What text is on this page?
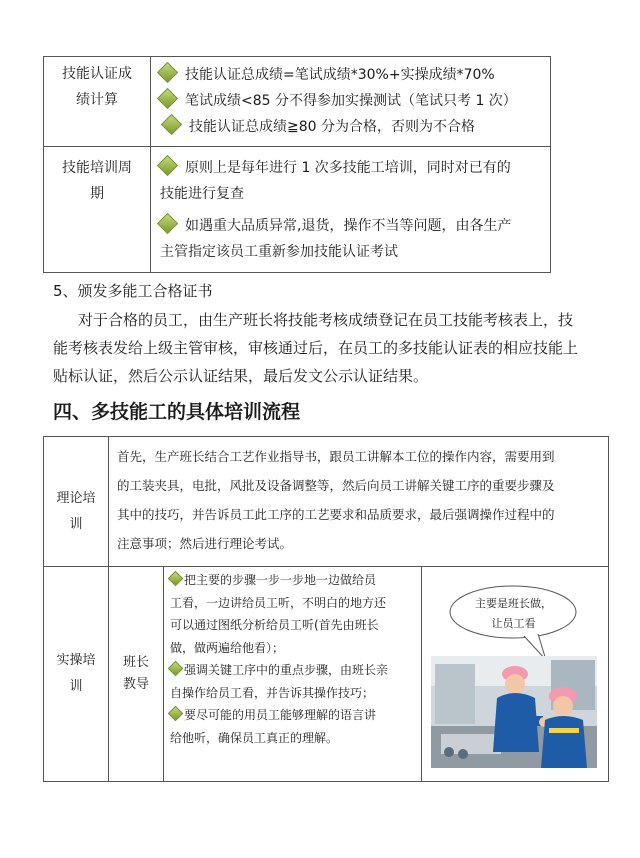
技能认证成
绩计算
技能认证总成绩=笔试成绩*30%+实操成绩*70%
笔试成绩<85 分不得参加实操测试（笔试只考 1 次）
技能认证总成绩≧80 分为合格，否则为不合格
技能培训周
期
原则上是每年进行 1 次多技能工培训，同时对已有的
技能进行复查
如遇重大品质异常,退货，操作不当等问题，由各生产
主管指定该员工重新参加技能认证考试
5、颁发多能工合格证书
对于合格的员工，由生产班长将技能考核成绩登记在员工技能考核表上，技
能考核表发给上级主管审核，审核通过后，在员工的多技能认证表的相应技能上
贴标认证，然后公示认证结果，最后发文公示认证结果。
四、多技能工的具体培训流程
理论培
训
首先，生产班长结合工艺作业指导书，跟员工讲解本工位的操作内容，需要用到
的工装夹具，电批，风批及设备调整等，然后向员工讲解关键工序的重要步骤及
其中的技巧，并告诉员工此工序的工艺要求和品质要求，最后强调操作过程中的
注意事项；然后进行理论考试。
实操培
训
班长
教导
把主要的步骤一步一步地一边做给员
工看，一边讲给员工听，不明白的地方还
可以通过图纸分析给员工听(首先由班长
做，做两遍给他看）；
强调关键工序中的重点步骤，由班长亲
自操作给员工看，并告诉其操作技巧；
要尽可能的用员工能够理解的语言讲
给他听，确保员工真正的理解。
主要是班长做，
让员工看
